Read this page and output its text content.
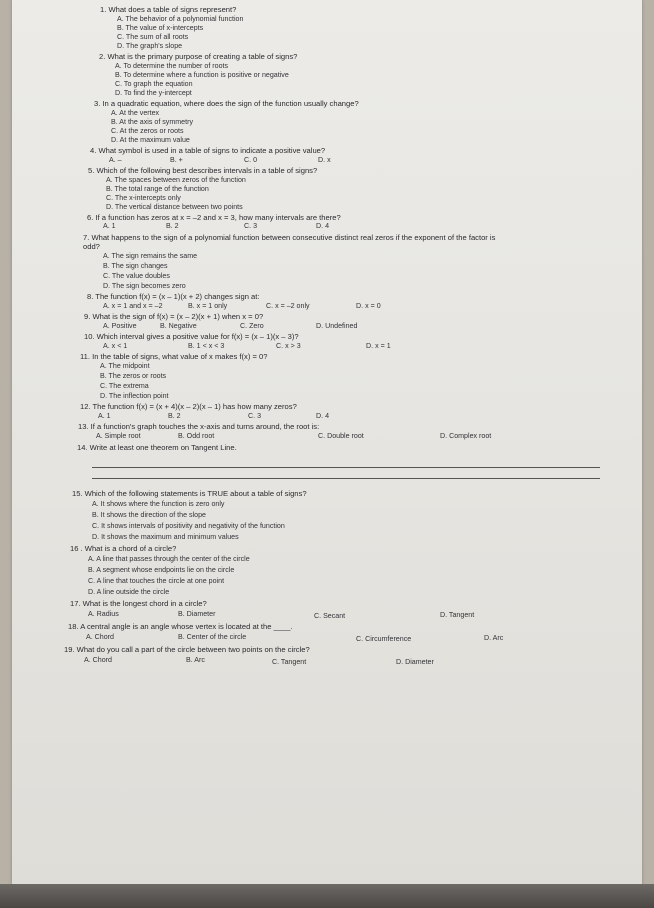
1. What does a table of signs represent?
A. The behavior of a polynomial function
B. The value of x-intercepts
C. The sum of all roots
D. The graph's slope
2. What is the primary purpose of creating a table of signs?
A. To determine the number of roots
B. To determine where a function is positive or negative
C. To graph the equation
D. To find the y-intercept
3. In a quadratic equation, where does the sign of the function usually change?
A. At the vertex
B. At the axis of symmetry
C. At the zeros or roots
D. At the maximum value
4. What symbol is used in a table of signs to indicate a positive value?
A. –	B. +	C. 0	D. x
5. Which of the following best describes intervals in a table of signs?
A. The spaces between zeros of the function
B. The total range of the function
C. The x-intercepts only
D. The vertical distance between two points
6. If a function has zeros at x = –2 and x = 3, how many intervals are there?
A. 1	B. 2	C. 3	D. 4
7. What happens to the sign of a polynomial function between consecutive distinct real zeros if the exponent of the factor is
odd?
A. The sign remains the same
B. The sign changes
C. The value doubles
D. The sign becomes zero
8. The function f(x) = (x – 1)(x + 2) changes sign at:
A. x = 1 and x = –2	B. x = 1 only	C. x = –2 only	D. x = 0
9. What is the sign of f(x) = (x – 2)(x + 1) when x = 0?
A. Positive	B. Negative	C. Zero	D. Undefined
10. Which interval gives a positive value for f(x) = (x – 1)(x – 3)?
A. x < 1	B. 1 < x < 3	C. x > 3	D. x = 1
11. In the table of signs, what value of x makes f(x) = 0?
A. The midpoint
B. The zeros or roots
C. The extrema
D. The inflection point
12. The function f(x) = (x + 4)(x – 2)(x – 1) has how many zeros?
A. 1	B. 2	C. 3	D. 4
13. If a function's graph touches the x-axis and turns around, the root is:
A. Simple root	B. Odd root	C. Double root	D. Complex root
14. Write at least one theorem on Tangent Line.
15. Which of the following statements is TRUE about a table of signs?
A. It shows where the function is zero only
B. It shows the direction of the slope
C. It shows intervals of positivity and negativity of the function
D. It shows the maximum and minimum values
16 . What is a chord of a circle?
A. A line that passes through the center of the circle
B. A segment whose endpoints lie on the circle
C. A line that touches the circle at one point
D. A line outside the circle
17. What is the longest chord in a circle?
A. Radius	B. Diameter	C. Secant	D. Tangent
18. A central angle is an angle whose vertex is located at the ____.
A. Chord	B. Center of the circle	C. Circumference	D. Arc
19. What do you call a part of the circle between two points on the circle?
A. Chord	B. Arc	C. Tangent	D. Diameter
